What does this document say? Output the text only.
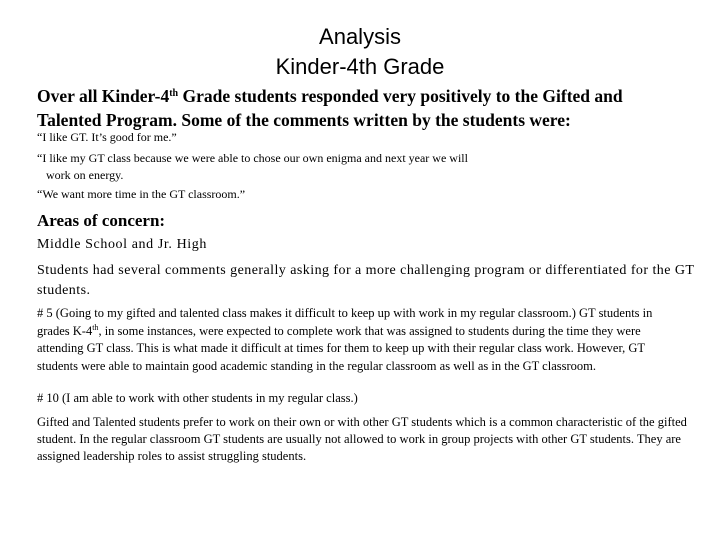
Analysis
Kinder-4th Grade
Over all Kinder-4th Grade students responded very positively to the Gifted and Talented Program. Some of the comments written by the students were:
“I like GT. It’s good for me.”
“I like my GT class because we were able to chose our own enigma and next year we will
work on energy.
“We want more time in the GT classroom.”
Areas of concern:
Middle School and Jr. High
Students had several comments generally asking for a more challenging program or differentiated for the GT students.
# 5 (Going to my gifted and talented class makes it difficult to keep up with work in my regular classroom.) GT students in grades K-4th, in some instances, were expected to complete work that was assigned to students during the time they were attending GT class. This is what made it difficult at times for them to keep up with their regular class work. However, GT students were able to maintain good academic standing in the regular classroom as well as in the GT classroom.
# 10 (I am able to work with other students in my regular class.)
Gifted and Talented students prefer to work on their own or with other GT students which is a common characteristic of the gifted student. In the regular classroom GT students are usually not allowed to work in group projects with other GT students. They are assigned leadership roles to assist struggling students.
